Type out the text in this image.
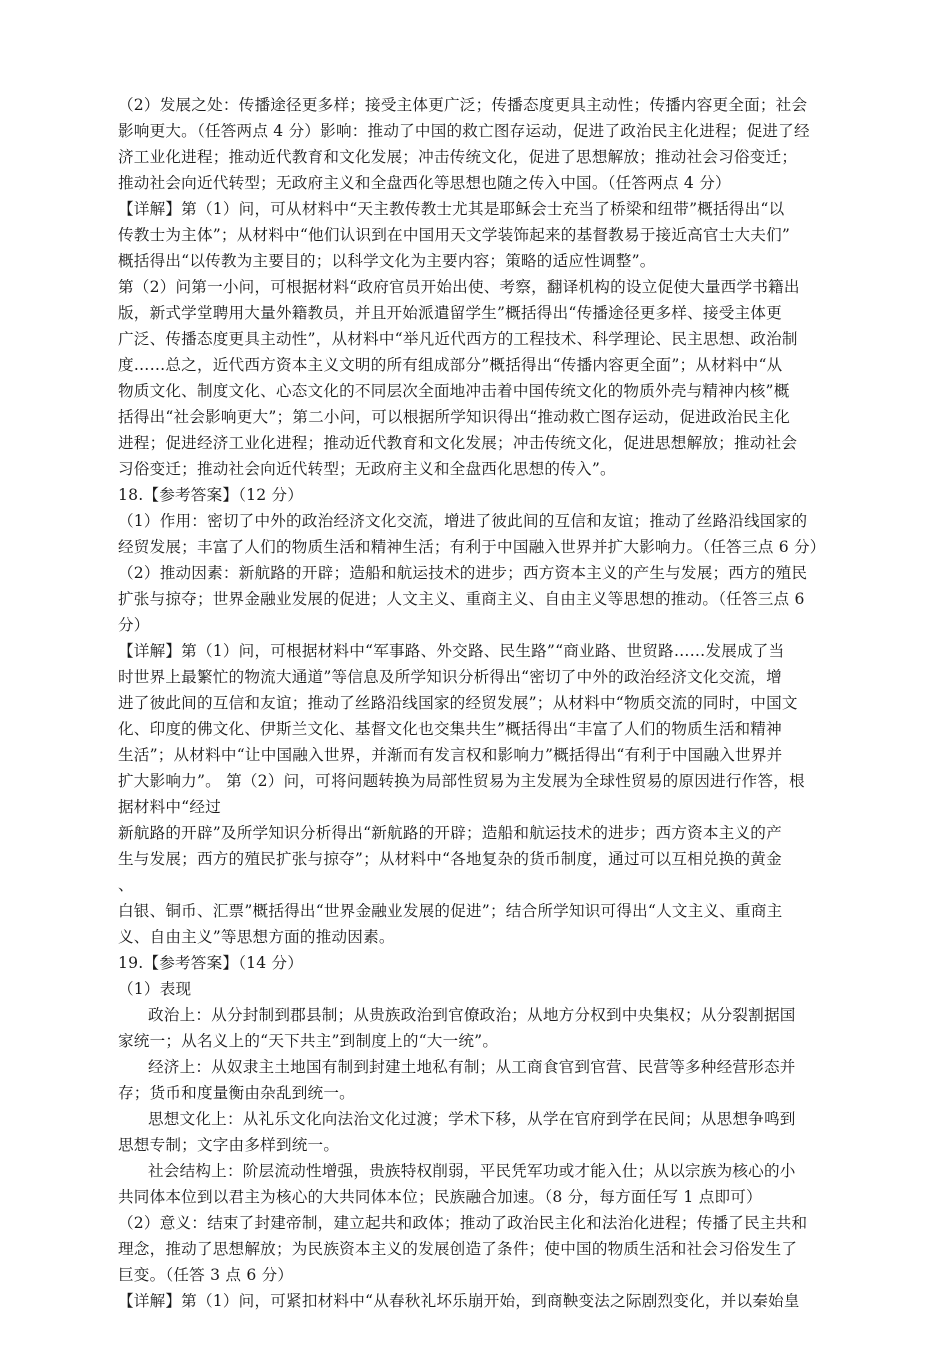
（2）发展之处：传播途径更多样；接受主体更广泛；传播态度更具主动性；传播内容更全面；社会
影响更大。（任答两点 4 分）影响：推动了中国的救亡图存运动，促进了政治民主化进程；促进了经
济工业化进程；推动近代教育和文化发展；冲击传统文化，促进了思想解放；推动社会习俗变迁；
推动社会向近代转型；无政府主义和全盘西化等思想也随之传入中国。（任答两点 4 分）
【详解】第（1）问，可从材料中“天主教传教士尤其是耶稣会士充当了桥梁和纽带”概括得出“以
传教士为主体”；从材料中“他们认识到在中国用天文学装饰起来的基督教易于接近高官士大夫们”
概括得出“以传教为主要目的；以科学文化为主要内容；策略的适应性调整”。
第（2）问第一小问，可根据材料“政府官员开始出使、考察，翻译机构的设立促使大量西学书籍出
版，新式学堂聘用大量外籍教员，并且开始派遣留学生”概括得出“传播途径更多样、接受主体更
广泛、传播态度更具主动性”，从材料中“举凡近代西方的工程技术、科学理论、民主思想、政治制
度……总之，近代西方资本主义文明的所有组成部分”概括得出“传播内容更全面”；从材料中“从
物质文化、制度文化、心态文化的不同层次全面地冲击着中国传统文化的物质外壳与精神内核”概
括得出“社会影响更大”；第二小问，可以根据所学知识得出“推动救亡图存运动，促进政治民主化
进程；促进经济工业化进程；推动近代教育和文化发展；冲击传统文化，促进思想解放；推动社会
习俗变迁；推动社会向近代转型；无政府主义和全盘西化思想的传入”。
18.【参考答案】（12 分）
（1）作用：密切了中外的政治经济文化交流，增进了彼此间的互信和友谊；推动了丝路沿线国家的
经贸发展；丰富了人们的物质生活和精神生活；有利于中国融入世界并扩大影响力。（任答三点 6 分）
（2）推动因素：新航路的开辟；造船和航运技术的进步；西方资本主义的产生与发展；西方的殖民
扩张与掠夺；世界金融业发展的促进；人文主义、重商主义、自由主义等思想的推动。（任答三点 6
分）
【详解】第（1）问，可根据材料中“军事路、外交路、民生路”“商业路、世贸路……发展成了当
时世界上最繁忙的物流大通道”等信息及所学知识分析得出“密切了中外的政治经济文化交流，增
进了彼此间的互信和友谊；推动了丝路沿线国家的经贸发展”；从材料中“物质交流的同时，中国文
化、印度的佛文化、伊斯兰文化、基督文化也交集共生”概括得出“丰富了人们的物质生活和精神
生活”；从材料中“让中国融入世界，并渐而有发言权和影响力”概括得出“有利于中国融入世界并
扩大影响力”。 第（2）问，可将问题转换为局部性贸易为主发展为全球性贸易的原因进行作答，根
据材料中“经过
新航路的开辟”及所学知识分析得出“新航路的开辟；造船和航运技术的进步；西方资本主义的产
生与发展；西方的殖民扩张与掠夺”；从材料中“各地复杂的货币制度，通过可以互相兑换的黄金
、
白银、铜币、汇票”概括得出“世界金融业发展的促进”；结合所学知识可得出“人文主义、重商主
义、自由主义”等思想方面的推动因素。
19.【参考答案】（14 分）
（1）表现
政治上：从分封制到郡县制；从贵族政治到官僚政治；从地方分权到中央集权；从分裂割据国
家统一；从名义上的“天下共主”到制度上的“大一统”。
经济上：从奴隶主土地国有制到封建土地私有制；从工商食官到官营、民营等多种经营形态并
存；货币和度量衡由杂乱到统一。
思想文化上：从礼乐文化向法治文化过渡；学术下移，从学在官府到学在民间；从思想争鸣到
思想专制；文字由多样到统一。
社会结构上：阶层流动性增强，贵族特权削弱，平民凭军功或才能入仕；从以宗族为核心的小
共同体本位到以君主为核心的大共同体本位；民族融合加速。（8 分，每方面任写 1 点即可）
（2）意义：结束了封建帝制，建立起共和政体；推动了政治民主化和法治化进程；传播了民主共和
理念，推动了思想解放；为民族资本主义的发展创造了条件；使中国的物质生活和社会习俗发生了
巨变。（任答 3 点 6 分）
【详解】第（1）问，可紧扣材料中“从春秋礼坏乐崩开始，到商鞅变法之际剧烈变化，并以秦始皇
